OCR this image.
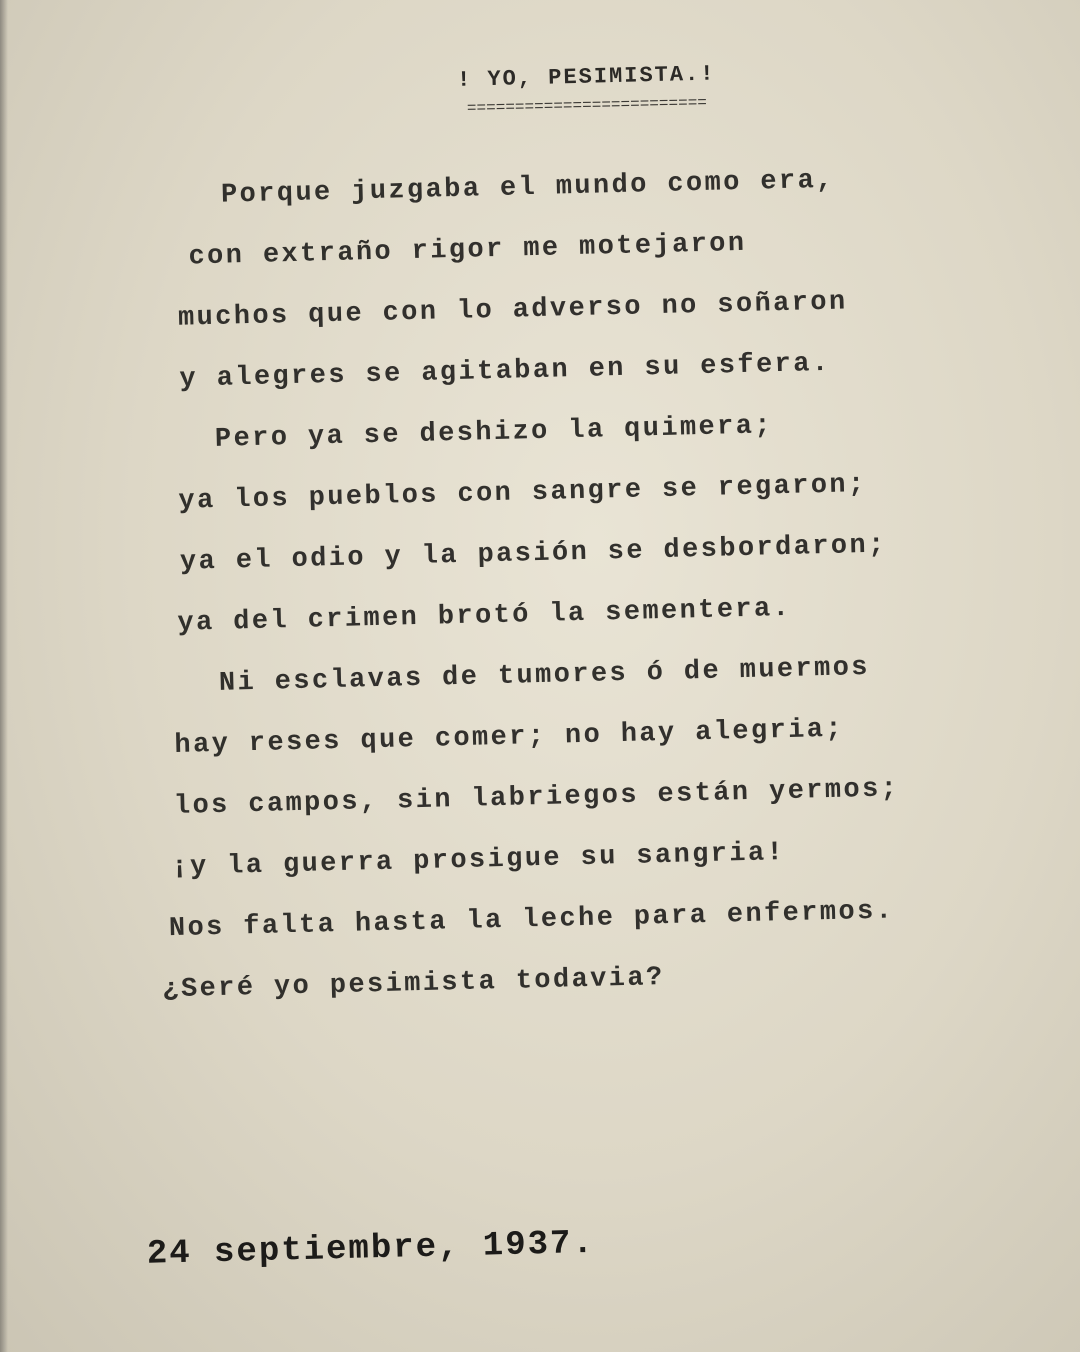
! YO, PESIMISTA.!
=========================
Porque juzgaba el mundo como era,
con extraño rigor me motejaron
muchos que con lo adverso no soñaron
y alegres se agitaban en su esfera.
Pero ya se deshizo la quimera;
ya los pueblos con sangre se regaron;
ya el odio y la pasión se desbordaron;
ya del crimen brotó la sementera.
Ni esclavas de tumores ó de muermos
hay reses que comer; no hay alegria;
los campos, sin labriegos están yermos;
¡y la guerra prosigue su sangria!
Nos falta hasta la leche para enfermos.
¿Seré yo pesimista todavia?
24 septiembre, 1937.
